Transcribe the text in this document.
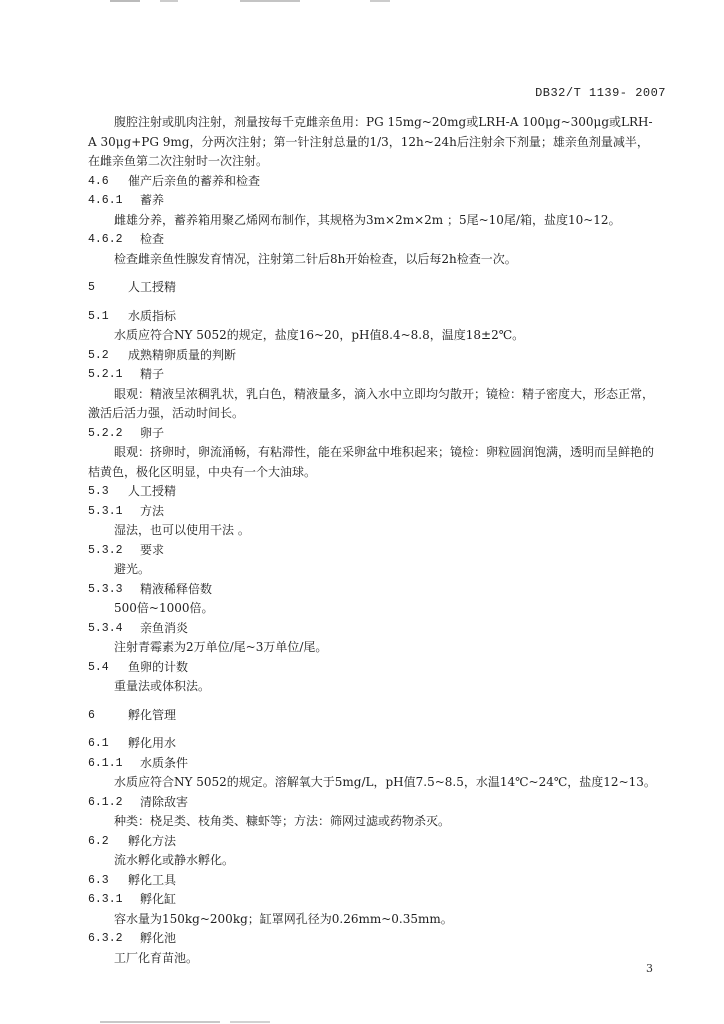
DB32/T 1139- 2007
腹腔注射或肌肉注射，剂量按每千克雌亲鱼用：PG 15mg~20mg或LRH-A 100μg~300μg或LRH-A 30μg+PG 9mg，分两次注射；第一针注射总量的1/3，12h~24h后注射余下剂量；雄亲鱼剂量减半，在雌亲鱼第二次注射时一次注射。
4.6	催产后亲鱼的蓄养和检查
4.6.1	蓄养
雌雄分养，蓄养箱用聚乙烯网布制作，其规格为3m×2m×2m ；5尾~10尾/箱，盐度10~12。
4.6.2	检查
检查雌亲鱼性腺发育情况，注射第二针后8h开始检查，以后每2h检查一次。
5	人工授精
5.1	水质指标
水质应符合NY 5052的规定，盐度16~20，pH值8.4~8.8，温度18±2℃。
5.2	成熟精卵质量的判断
5.2.1	精子
眼观：精液呈浓稠乳状，乳白色，精液量多，滴入水中立即均匀散开；镜检：精子密度大，形态正常，激活后活力强，活动时间长。
5.2.2	卵子
眼观：挤卵时，卵流涌畅，有粘滞性，能在采卵盆中堆积起来；镜检：卵粒圆润饱满，透明而呈鲜艳的桔黄色，极化区明显，中央有一个大油球。
5.3	人工授精
5.3.1	方法
湿法，也可以使用干法 。
5.3.2	要求
避光。
5.3.3	精液稀释倍数
500倍~1000倍。
5.3.4	亲鱼消炎
注射青霉素为2万单位/尾~3万单位/尾。
5.4	鱼卵的计数
重量法或体积法。
6	孵化管理
6.1	孵化用水
6.1.1	水质条件
水质应符合NY 5052的规定。溶解氧大于5mg/L，pH值7.5~8.5，水温14℃~24℃，盐度12~13。
6.1.2	清除敌害
种类：桡足类、枝角类、糠虾等；方法：筛网过滤或药物杀灭。
6.2	孵化方法
流水孵化或静水孵化。
6.3	孵化工具
6.3.1	孵化缸
容水量为150kg~200kg；缸罩网孔径为0.26mm~0.35mm。
6.3.2	孵化池
工厂化育苗池。
3
